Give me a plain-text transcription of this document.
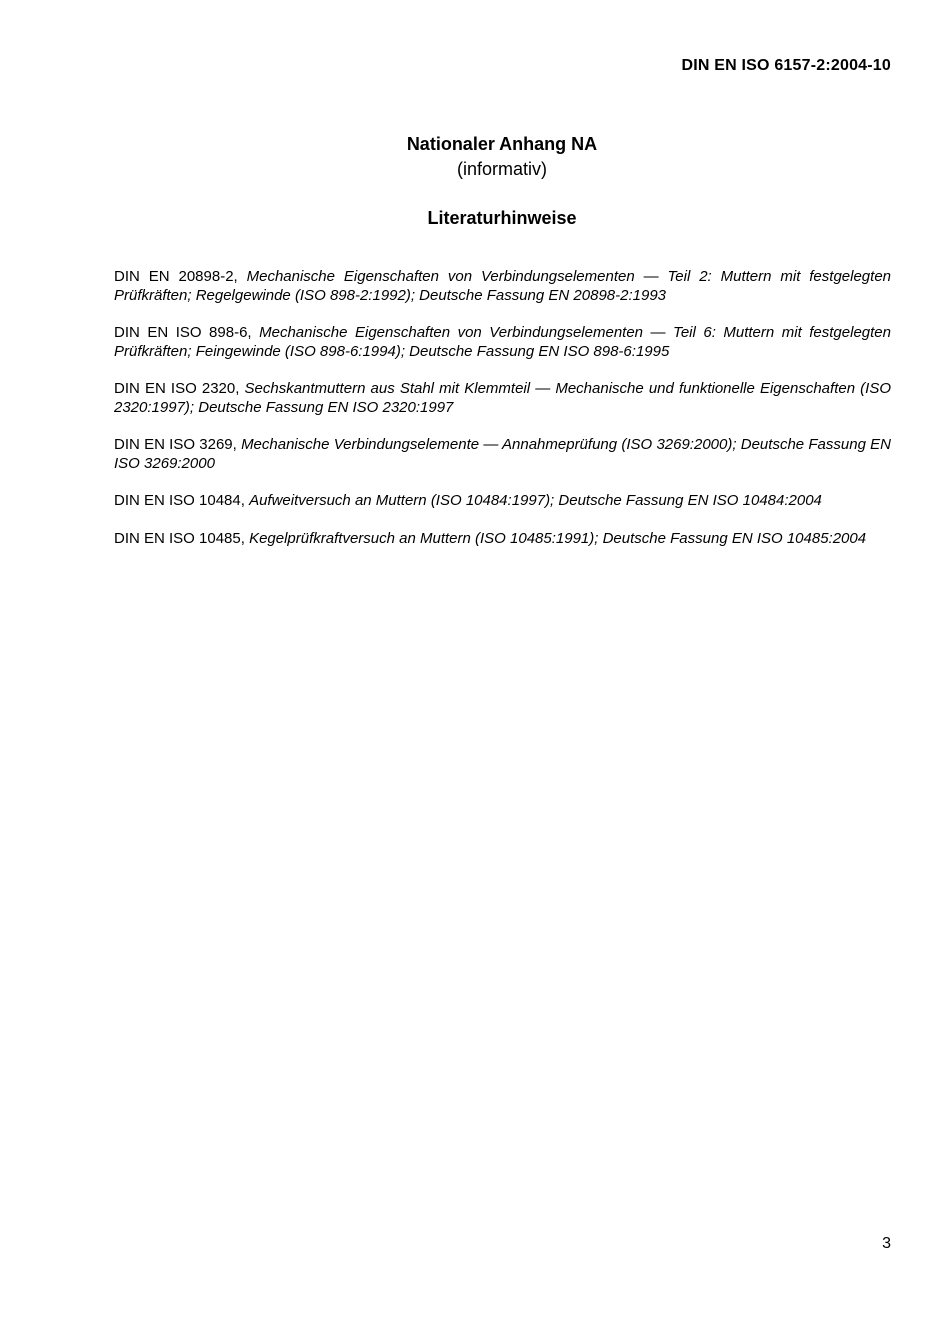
DIN EN ISO 6157-2:2004-10
Nationaler Anhang NA
(informativ)
Literaturhinweise

DIN EN 20898-2, Mechanische Eigenschaften von Verbindungselementen — Teil 2: Muttern mit festgelegten Prüfkräften; Regelgewinde (ISO 898-2:1992); Deutsche Fassung EN 20898-2:1993

DIN EN ISO 898-6, Mechanische Eigenschaften von Verbindungselementen — Teil 6: Muttern mit festgelegten Prüfkräften; Feingewinde (ISO 898-6:1994); Deutsche Fassung EN ISO 898-6:1995

DIN EN ISO 2320, Sechskantmuttern aus Stahl mit Klemmteil — Mechanische und funktionelle Eigenschaften (ISO 2320:1997); Deutsche Fassung EN ISO 2320:1997

DIN EN ISO 3269, Mechanische Verbindungselemente — Annahmeprüfung (ISO 3269:2000); Deutsche Fassung EN ISO 3269:2000

DIN EN ISO 10484, Aufweitversuch an Muttern (ISO 10484:1997); Deutsche Fassung EN ISO 10484:2004

DIN EN ISO 10485, Kegelprüfkraftversuch an Muttern (ISO 10485:1991); Deutsche Fassung EN ISO 10485:2004

3
